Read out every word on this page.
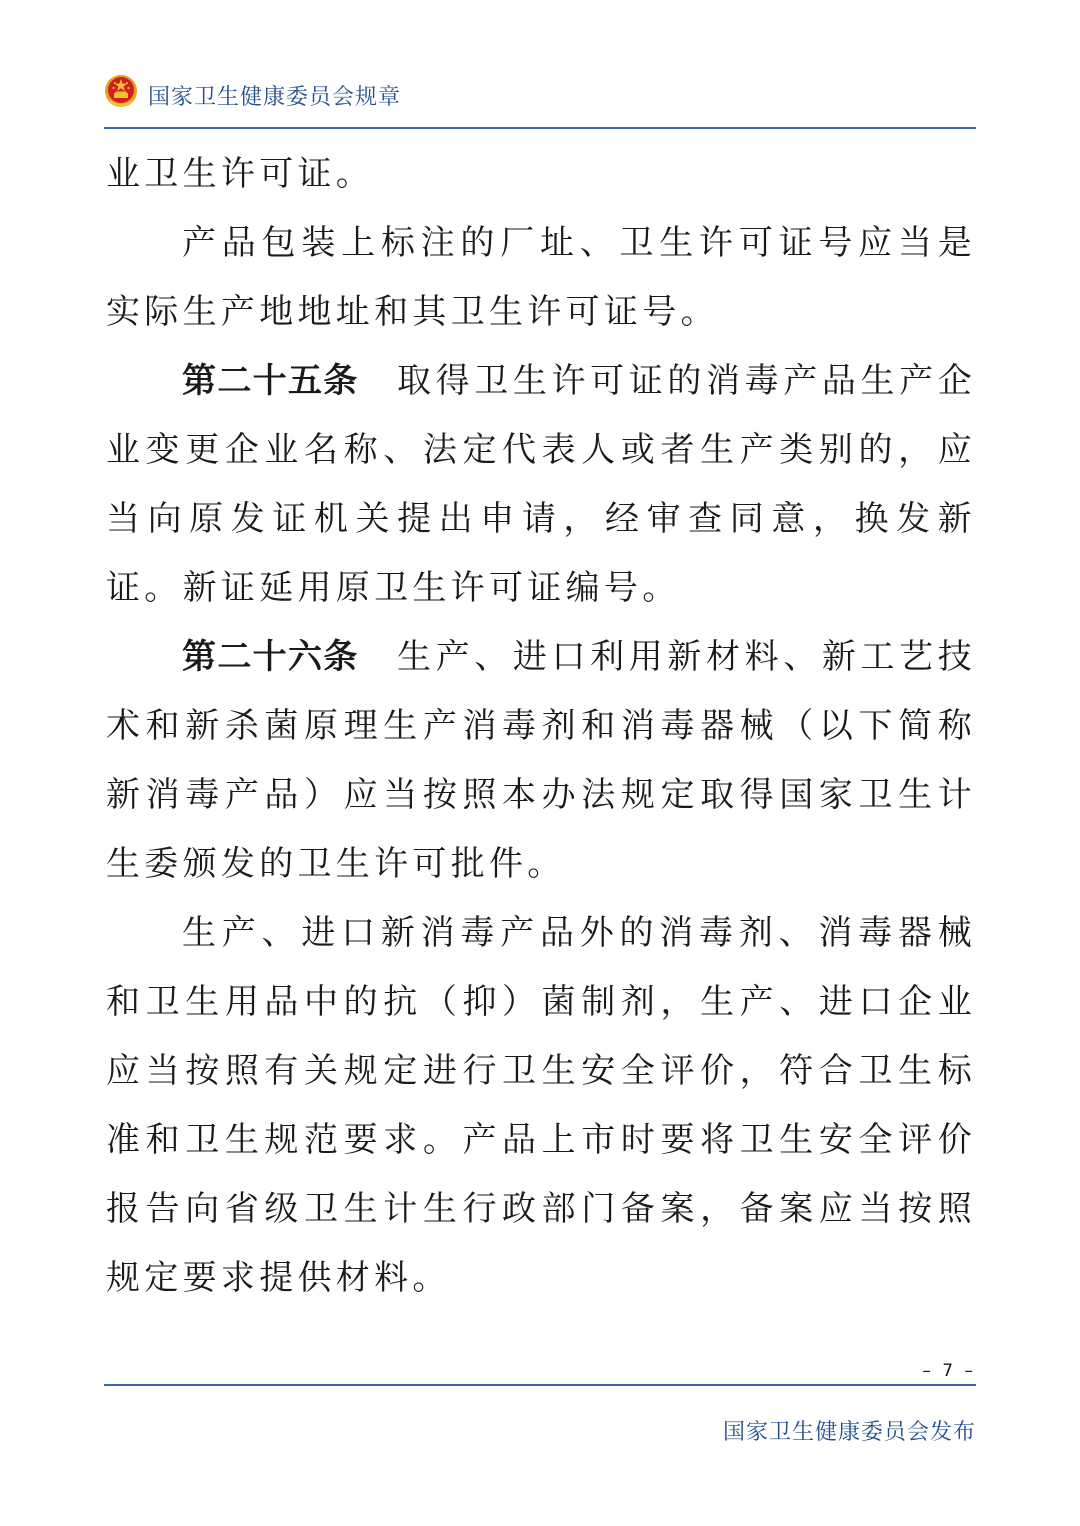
国家卫生健康委员会规章

业卫生许可证。

产品包装上标注的厂址、卫生许可证号应当是实际生产地地址和其卫生许可证号。

第二十五条 取得卫生许可证的消毒产品生产企业变更企业名称、法定代表人或者生产类别的，应当向原发证机关提出申请，经审查同意，换发新证。新证延用原卫生许可证编号。

第二十六条 生产、进口利用新材料、新工艺技术和新杀菌原理生产消毒剂和消毒器械（以下简称新消毒产品）应当按照本办法规定取得国家卫生计生委颁发的卫生许可批件。

生产、进口新消毒产品外的消毒剂、消毒器械和卫生用品中的抗（抑）菌制剂，生产、进口企业应当按照有关规定进行卫生安全评价，符合卫生标准和卫生规范要求。产品上市时要将卫生安全评价报告向省级卫生计生行政部门备案，备案应当按照规定要求提供材料。

– 7 –
国家卫生健康委员会发布
